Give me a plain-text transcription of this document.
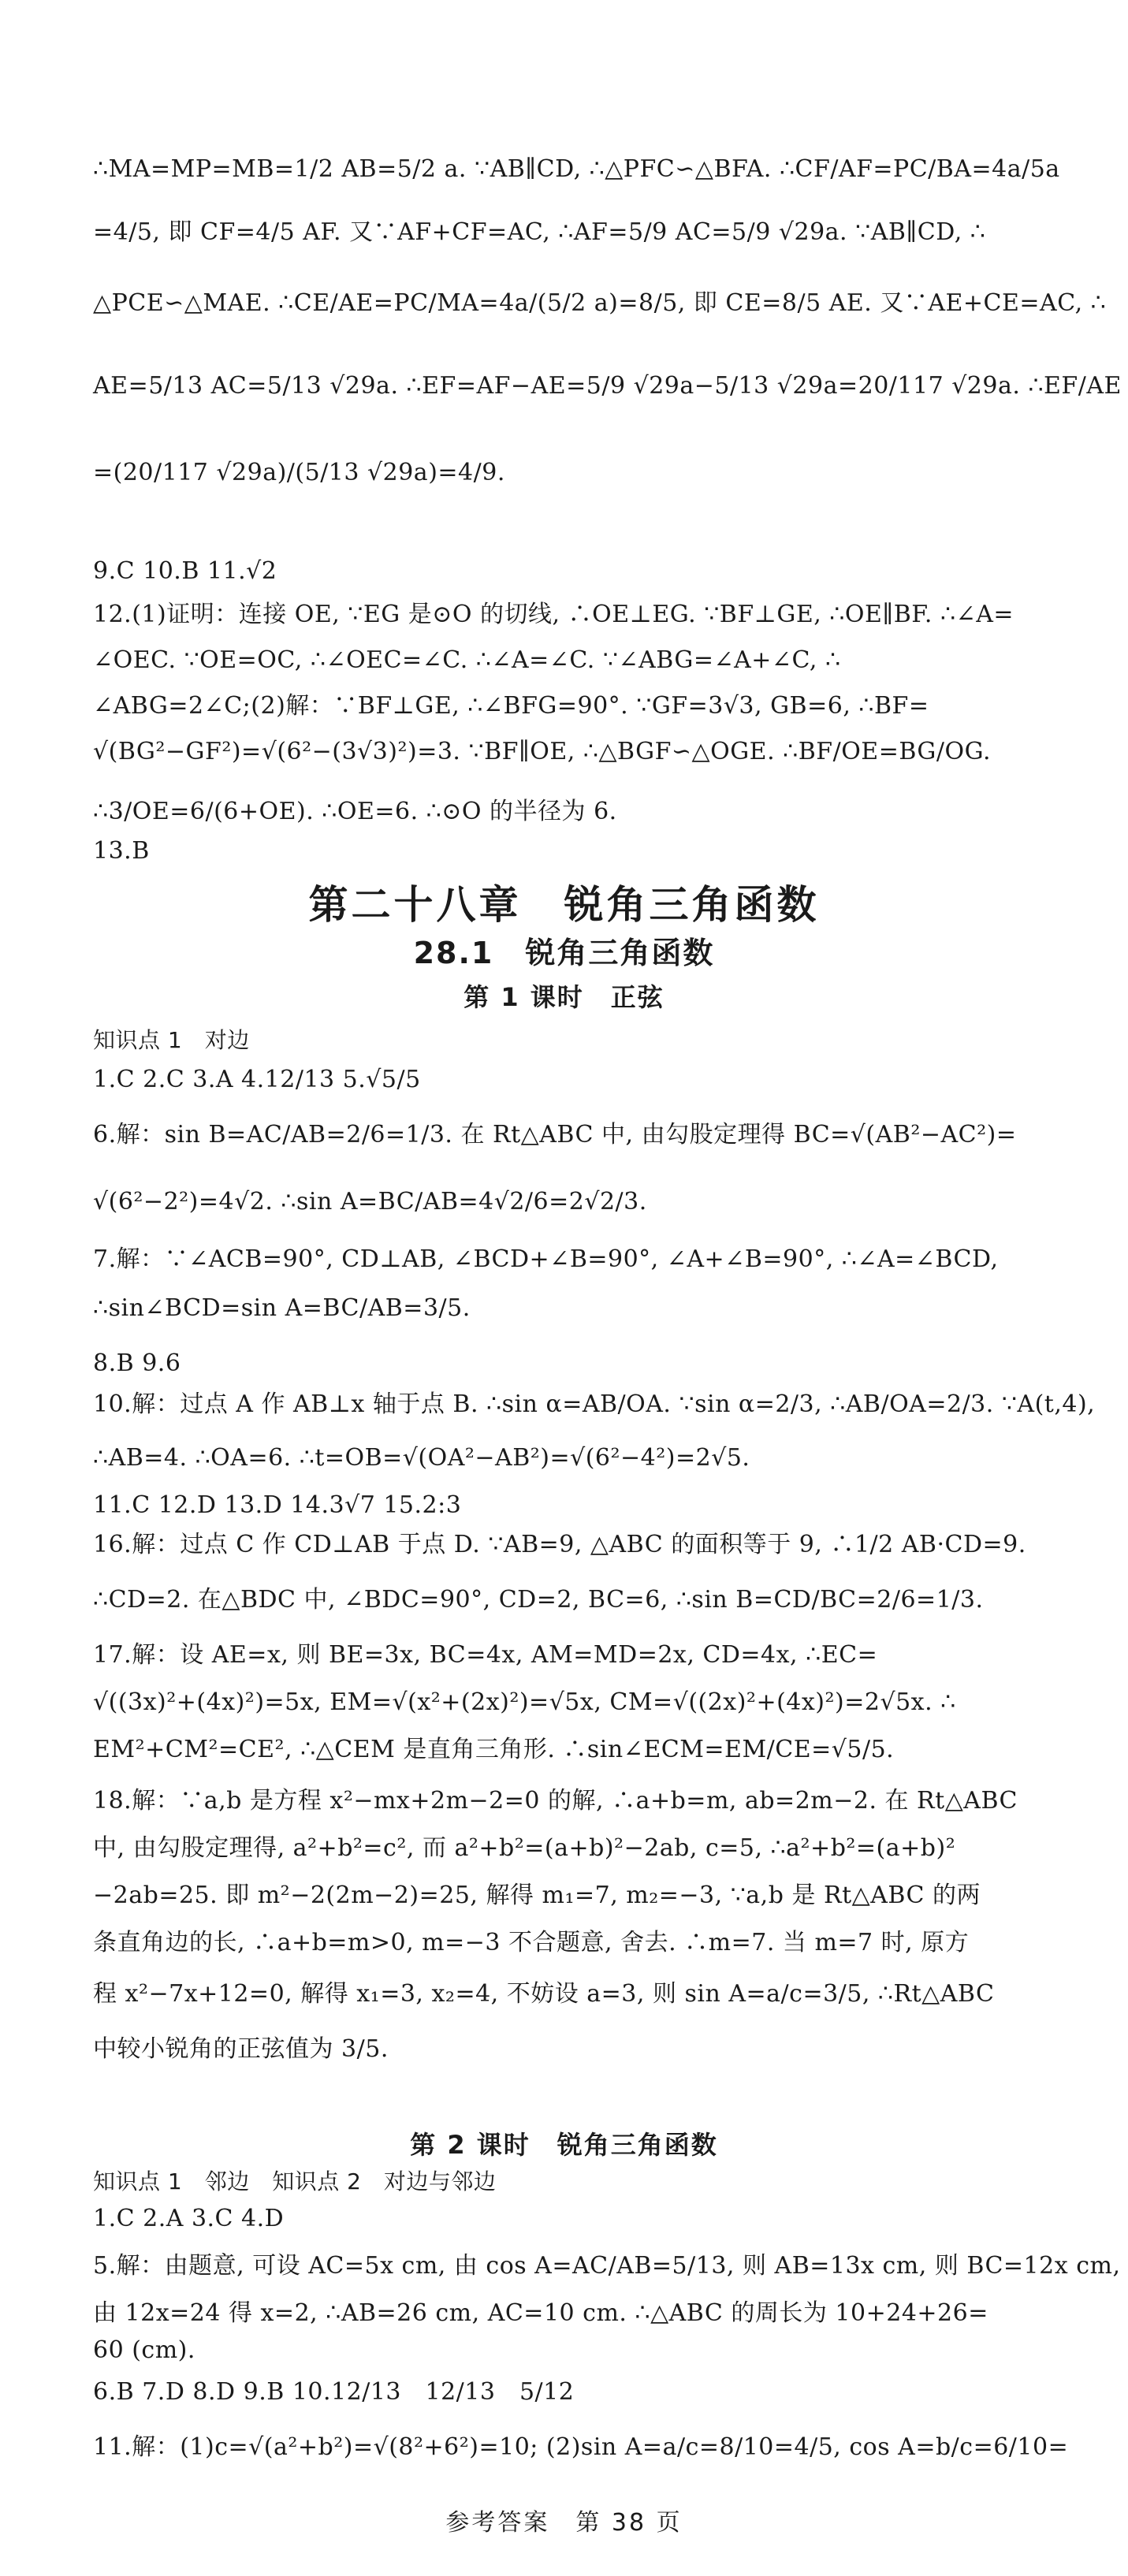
∴MA=MP=MB=1/2 AB=5/2 a. ∵AB∥CD, ∴△PFC∽△BFA. ∴CF/AF=PC/BA=4a/5a
=4/5, 即 CF=4/5 AF. 又∵AF+CF=AC, ∴AF=5/9 AC=5/9 √29a. ∵AB∥CD, ∴
△PCE∽△MAE. ∴CE/AE=PC/MA=4a/(5/2 a)=8/5, 即 CE=8/5 AE. 又∵AE+CE=AC, ∴
AE=5/13 AC=5/13 √29a. ∴EF=AF−AE=5/9 √29a−5/13 √29a=20/117 √29a. ∴EF/AE
=(20/117 √29a)/(5/13 √29a)=4/9.
9.C 10.B 11.√2
12.(1)证明：连接 OE, ∵EG 是⊙O 的切线, ∴OE⊥EG. ∵BF⊥GE, ∴OE∥BF. ∴∠A=
∠OEC. ∵OE=OC, ∴∠OEC=∠C. ∴∠A=∠C. ∵∠ABG=∠A+∠C, ∴
∠ABG=2∠C;(2)解：∵BF⊥GE, ∴∠BFG=90°. ∵GF=3√3, GB=6, ∴BF=
√(BG²−GF²)=√(6²−(3√3)²)=3. ∵BF∥OE, ∴△BGF∽△OGE. ∴BF/OE=BG/OG.
∴3/OE=6/(6+OE). ∴OE=6. ∴⊙O 的半径为 6.
13.B
第二十八章　锐角三角函数
28.1　锐角三角函数
第 1 课时　正弦
知识点 1　对边
1.C 2.C 3.A 4.12/13 5.√5/5
6.解：sin B=AC/AB=2/6=1/3. 在 Rt△ABC 中, 由勾股定理得 BC=√(AB²−AC²)=
√(6²−2²)=4√2. ∴sin A=BC/AB=4√2/6=2√2/3.
7.解：∵∠ACB=90°, CD⊥AB, ∠BCD+∠B=90°, ∠A+∠B=90°, ∴∠A=∠BCD,
∴sin∠BCD=sin A=BC/AB=3/5.
8.B 9.6
10.解：过点 A 作 AB⊥x 轴于点 B. ∴sin α=AB/OA. ∵sin α=2/3, ∴AB/OA=2/3. ∵A(t,4),
∴AB=4. ∴OA=6. ∴t=OB=√(OA²−AB²)=√(6²−4²)=2√5.
11.C 12.D 13.D 14.3√7 15.2:3
16.解：过点 C 作 CD⊥AB 于点 D. ∵AB=9, △ABC 的面积等于 9, ∴1/2 AB·CD=9.
∴CD=2. 在△BDC 中, ∠BDC=90°, CD=2, BC=6, ∴sin B=CD/BC=2/6=1/3.
17.解：设 AE=x, 则 BE=3x, BC=4x, AM=MD=2x, CD=4x, ∴EC=
√((3x)²+(4x)²)=5x, EM=√(x²+(2x)²)=√5x, CM=√((2x)²+(4x)²)=2√5x. ∴
EM²+CM²=CE², ∴△CEM 是直角三角形. ∴sin∠ECM=EM/CE=√5/5.
18.解：∵a,b 是方程 x²−mx+2m−2=0 的解, ∴a+b=m, ab=2m−2. 在 Rt△ABC
中, 由勾股定理得, a²+b²=c², 而 a²+b²=(a+b)²−2ab, c=5, ∴a²+b²=(a+b)²
−2ab=25. 即 m²−2(2m−2)=25, 解得 m₁=7, m₂=−3, ∵a,b 是 Rt△ABC 的两
条直角边的长, ∴a+b=m>0, m=−3 不合题意, 舍去. ∴m=7. 当 m=7 时, 原方
程 x²−7x+12=0, 解得 x₁=3, x₂=4, 不妨设 a=3, 则 sin A=a/c=3/5, ∴Rt△ABC
中较小锐角的正弦值为 3/5.
第 2 课时　锐角三角函数
知识点 1　邻边　知识点 2　对边与邻边
1.C 2.A 3.C 4.D
5.解：由题意, 可设 AC=5x cm, 由 cos A=AC/AB=5/13, 则 AB=13x cm, 则 BC=12x cm,
由 12x=24 得 x=2, ∴AB=26 cm, AC=10 cm. ∴△ABC 的周长为 10+24+26=
60 (cm).
6.B 7.D 8.D 9.B 10.12/13　12/13　5/12
11.解：(1)c=√(a²+b²)=√(8²+6²)=10; (2)sin A=a/c=8/10=4/5, cos A=b/c=6/10=
参考答案　第 38 页
